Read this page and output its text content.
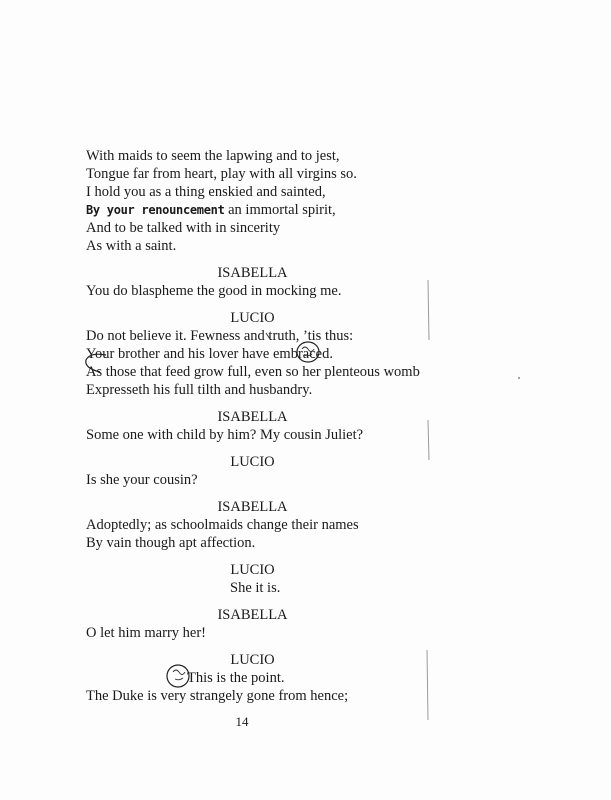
With maids to seem the lapwing and to jest,
Tongue far from heart, play with all virgins so.
I hold you as a thing enskied and sainted,
By your renouncement an immortal spirit,
And to be talked with in sincerity
As with a saint.
ISABELLA
You do blaspheme the good in mocking me.
LUCIO
Do not believe it. Fewness and truth, ’tis thus:
Your brother and his lover have embraced.
As those that feed grow full, even so her plenteous womb
Expresseth his full tilth and husbandry.
ISABELLA
Some one with child by him? My cousin Juliet?
LUCIO
Is she your cousin?
ISABELLA
Adoptedly; as schoolmaids change their names
By vain though apt affection.
LUCIO
She it is.
ISABELLA
O let him marry her!
LUCIO
This is the point.
The Duke is very strangely gone from hence;
14
